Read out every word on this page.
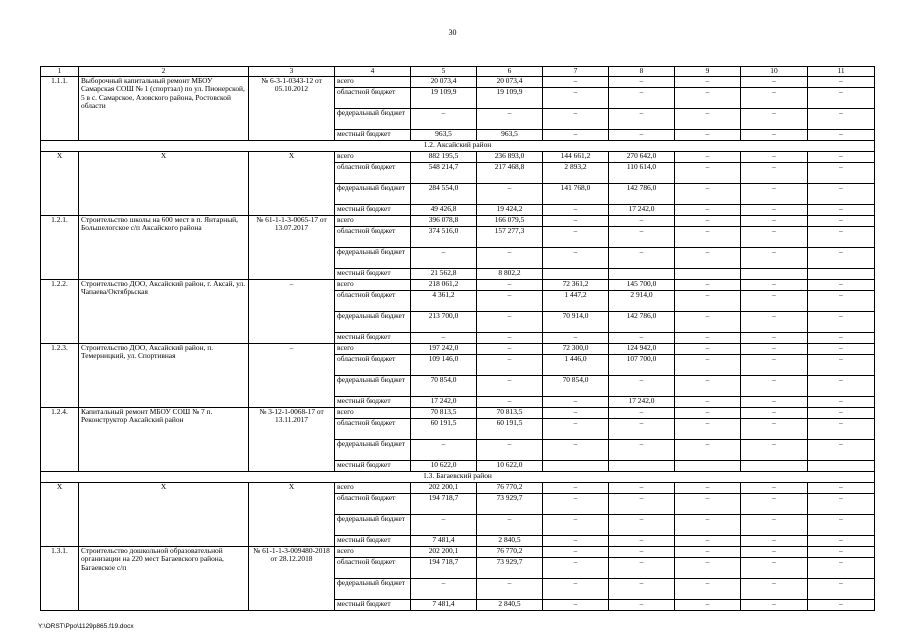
30
1	2	3	4	5	6	7	8	9	10	11
1.1.1.	Выборочный капитальный ремонт МБОУ Самарская СОШ № 1 (спортзал) по ул. Пионерской, 5 в с. Самарское, Азовского района, Ростовской области	№ 6-3-1-0343-12 от 05.10.2012	всего	20 073,4	20 073,4	–	–	–	–	–
			областной бюджет	19 109,9	19 109,9	–	–	–	–	–
			федеральный бюджет	–	–	–	–	–	–	–
			местный бюджет	963,5	963,5	–	–	–	–	–
1.2. Аксайский район										
Х	Х	Х	всего	882 195,5	236 893,0	144 661,2	270 642,0	–	–	–
			областной бюджет	548 214,7	217 468,8	2 893,2	110 614,0	–	–	–
			федеральный бюджет	284 554,0	–	141 768,0	142 786,0	–	–	–
			местный бюджет	49 426,8	19 424,2	–	17 242,0	–	–	–
1.2.1.	Строительство школы на 600 мест в п. Янтарный, Большелогское с/п Аксайского района	№ 61-1-1-3-0065-17 от 13.07.2017	всего	396 078,8	166 079,5	–	–	–	–	–
			областной бюджет	374 516,0	157 277,3	–	–	–	–	–
			федеральный бюджет	–	–	–	–	–	–	–
			местный бюджет	21 562,8	8 802,2					
1.2.2.	Строительство ДОО, Аксайский район, г. Аксай, ул. Чапаева/Октябрьская	–	всего	218 061,2	–	72 361,2	145 700,0	–	–	–
			областной бюджет	4 361,2	–	1 447,2	2 914,0	–	–	–
			федеральный бюджет	213 700,0	–	70 914,0	142 786,0	–	–	–
			местный бюджет	–	–	–	–	–	–	–
1.2.3.	Строительство ДОО, Аксайский район, п. Темерницкий, ул. Спортивная	–	всего	197 242,0	–	72 300,0	124 942,0	–	–	–
			областной бюджет	109 146,0	–	1 446,0	107 700,0	–	–	–
			федеральный бюджет	70 854,0	–	70 854,0	–	–	–	–
			местный бюджет	17 242,0	–	–	17 242,0	–	–	–
1.2.4.	Капитальный ремонт МБОУ СОШ № 7 п. Реконструктор Аксайский район	№ 3-12-1-0068-17 от 13.11.2017	всего	70 813,5	70 813,5	–	–	–	–	–
			областной бюджет	60 191,5	60 191,5	–	–	–	–	–
			федеральный бюджет	–	–	–	–	–	–	–
			местный бюджет	10 622,0	10 622,0					
1.3. Багаевский район										
Х	Х	Х	всего	202 200,1	76 770,2	–	–	–	–	–
			областной бюджет	194 718,7	73 929,7	–	–	–	–	–
			федеральный бюджет	–	–	–	–	–	–	–
			местный бюджет	7 481,4	2 840,5	–	–	–	–	–
1.3.1.	Строительство дошкольной образовательной организации на 220 мест Багаевского района, Багаевское с/п	№ 61-1-1-3-009480-2018 от 28.12.2018	всего	202 200,1	76 770,2	–	–	–	–	–
			областной бюджет	194 718,7	73 929,7	–	–	–	–	–
			федеральный бюджет	–	–	–	–	–	–	–
			местный бюджет	7 481,4	2 840,5	–	–	–	–	–
Y:\ORST\Ppo\1129p865.f19.docx
